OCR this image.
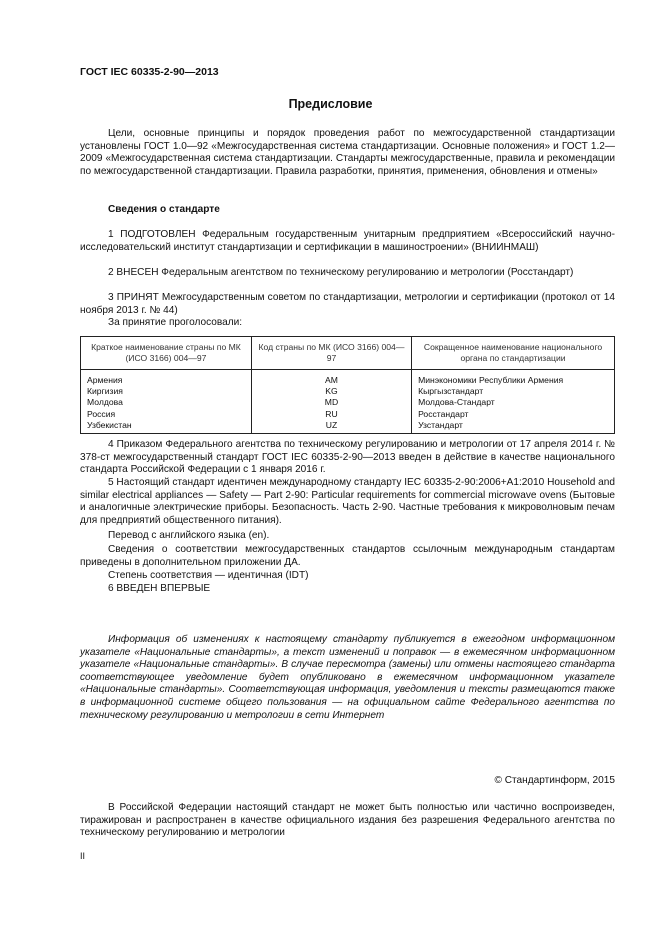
ГОСТ IEC 60335-2-90—2013
Предисловие

Цели, основные принципы и порядок проведения работ по межгосударственной стандартизации установлены ГОСТ 1.0—92 «Межгосударственная система стандартизации. Основные положения» и ГОСТ 1.2—2009 «Межгосударственная система стандартизации. Стандарты межгосударственные, правила и рекомендации по межгосударственной стандартизации. Правила разработки, принятия, применения, обновления и отмены»

Сведения о стандарте

1 ПОДГОТОВЛЕН Федеральным государственным унитарным предприятием «Всероссийский научно-исследовательский институт стандартизации и сертификации в машиностроении» (ВНИИНМАШ)

2 ВНЕСЕН Федеральным агентством по техническому регулированию и метрологии (Росстандарт)

3 ПРИНЯТ Межгосударственным советом по стандартизации, метрологии и сертификации (протокол от 14 ноября 2013 г. № 44)

За принятие проголосовали:

Краткое наименование страны по МК (ИСО 3166) 004—97	Код страны по МК (ИСО 3166) 004—97	Сокращенное наименование национального органа по стандартизации
Армения	AM	Минэкономики Республики Армения
Киргизия	KG	Кыргызстандарт
Молдова	MD	Молдова-Стандарт
Россия	RU	Росстандарт
Узбекистан	UZ	Узстандарт

4 Приказом Федерального агентства по техническому регулированию и метрологии от 17 апреля 2014 г. № 378-ст межгосударственный стандарт ГОСТ IEC 60335-2-90—2013 введен в действие в качестве национального стандарта Российской Федерации с 1 января 2016 г.

5 Настоящий стандарт идентичен международному стандарту IEC 60335-2-90:2006+A1:2010 Household and similar electrical appliances — Safety — Part 2-90: Particular requirements for commercial microwave ovens (Бытовые и аналогичные электрические приборы. Безопасность. Часть 2-90. Частные требования к микроволновым печам для предприятий общественного питания).

Перевод с английского языка (en).

Сведения о соответствии межгосударственных стандартов ссылочным международным стандартам приведены в дополнительном приложении ДА.

Степень соответствия — идентичная (IDT)

6 ВВЕДЕН ВПЕРВЫЕ

Информация об изменениях к настоящему стандарту публикуется в ежегодном информационном указателе «Национальные стандарты», а текст изменений и поправок — в ежемесячном информационном указателе «Национальные стандарты». В случае пересмотра (замены) или отмены настоящего стандарта соответствующее уведомление будет опубликовано в ежемесячном информационном указателе «Национальные стандарты». Соответствующая информация, уведомления и тексты размещаются также в информационной системе общего пользования — на официальном сайте Федерального агентства по техническому регулированию и метрологии в сети Интернет

© Стандартинформ, 2015

В Российской Федерации настоящий стандарт не может быть полностью или частично воспроизведен, тиражирован и распространен в качестве официального издания без разрешения Федерального агентства по техническому регулированию и метрологии

II
